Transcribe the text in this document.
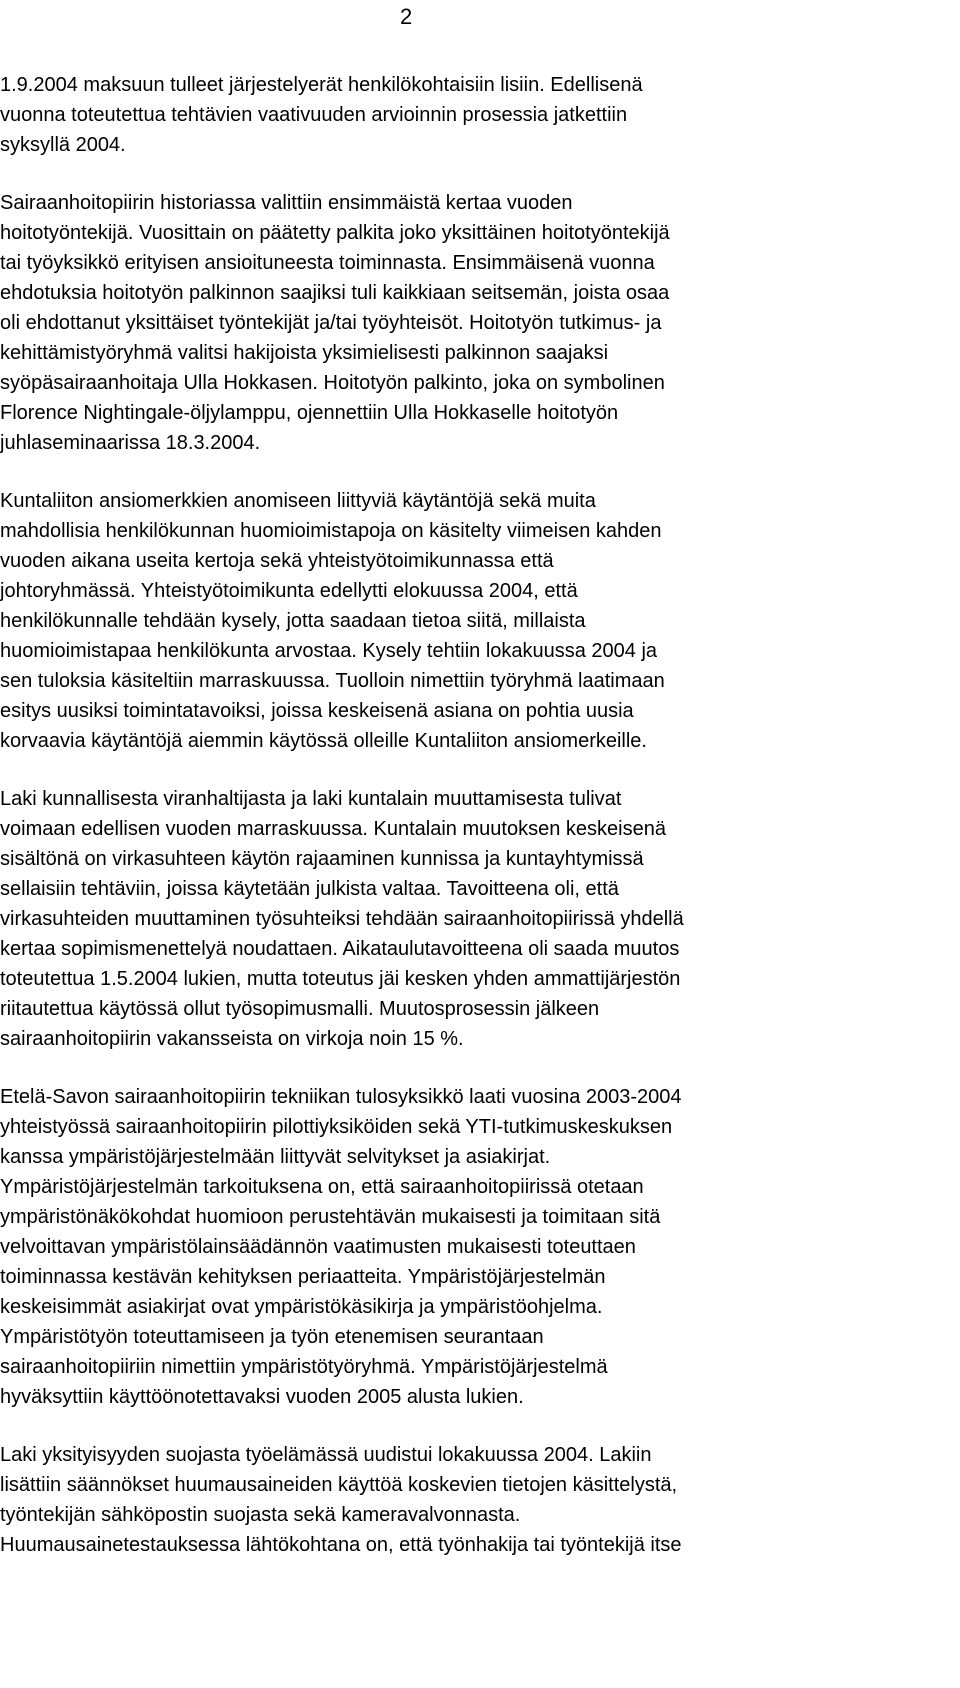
2
1.9.2004 maksuun tulleet järjestelyerät henkilökohtaisiin lisiin. Edellisenä
vuonna toteutettua tehtävien vaativuuden arvioinnin prosessia jatkettiin
syksyllä 2004.
Sairaanhoitopiirin historiassa valittiin ensimmäistä kertaa vuoden
hoitotyöntekijä. Vuosittain on päätetty palkita joko yksittäinen hoitotyöntekijä
tai työyksikkö erityisen ansioituneesta toiminnasta. Ensimmäisenä vuonna
ehdotuksia hoitotyön palkinnon saajiksi tuli kaikkiaan seitsemän, joista osaa
oli ehdottanut yksittäiset työntekijät ja/tai työyhteisöt. Hoitotyön tutkimus- ja
kehittämistyöryhmä valitsi hakijoista yksimielisesti palkinnon saajaksi
syöpäsairaanhoitaja Ulla Hokkasen. Hoitotyön palkinto, joka on symbolinen
Florence Nightingale-öljylamppu, ojennettiin Ulla Hokkaselle hoitotyön
juhlaseminaarissa 18.3.2004.
Kuntaliiton ansiomerkkien anomiseen liittyviä käytäntöjä sekä muita
mahdollisia henkilökunnan huomioimistapoja on käsitelty viimeisen kahden
vuoden aikana useita kertoja sekä yhteistyötoimikunnassa että
johtoryhmässä. Yhteistyötoimikunta edellytti elokuussa 2004, että
henkilökunnalle tehdään kysely, jotta saadaan tietoa siitä, millaista
huomioimistapaa henkilökunta arvostaa. Kysely tehtiin lokakuussa 2004 ja
sen tuloksia käsiteltiin marraskuussa. Tuolloin nimettiin työryhmä laatimaan
esitys uusiksi toimintatavoiksi, joissa keskeisenä asiana on pohtia uusia
korvaavia käytäntöjä aiemmin käytössä olleille Kuntaliiton ansiomerkeille.
Laki kunnallisesta viranhaltijasta ja laki kuntalain muuttamisesta tulivat
voimaan edellisen vuoden marraskuussa. Kuntalain muutoksen keskeisenä
sisältönä on virkasuhteen käytön rajaaminen kunnissa ja kuntayhtymissä
sellaisiin tehtäviin, joissa käytetään julkista valtaa. Tavoitteena oli, että
virkasuhteiden muuttaminen työsuhteiksi tehdään sairaanhoitopiirissä yhdellä
kertaa sopimismenettelyä noudattaen. Aikataulutavoitteena oli saada muutos
toteutettua 1.5.2004 lukien, mutta toteutus jäi kesken yhden ammattijärjestön
riitautettua käytössä ollut työsopimusmalli. Muutosprosessin jälkeen
sairaanhoitopiirin vakansseista on virkoja noin 15 %.
Etelä-Savon sairaanhoitopiirin tekniikan tulosyksikkö laati vuosina 2003-2004
yhteistyössä sairaanhoitopiirin pilottiyksiköiden sekä YTI-tutkimuskeskuksen
kanssa ympäristöjärjestelmään liittyvät selvitykset ja asiakirjat.
Ympäristöjärjestelmän tarkoituksena on, että sairaanhoitopiirissä otetaan
ympäristönäkökohdat huomioon perustehtävän mukaisesti ja toimitaan sitä
velvoittavan ympäristölainsäädännön vaatimusten mukaisesti toteuttaen
toiminnassa kestävän kehityksen periaatteita. Ympäristöjärjestelmän
keskeisimmät asiakirjat ovat ympäristökäsikirja ja ympäristöohjelma.
Ympäristötyön toteuttamiseen ja työn etenemisen seurantaan
sairaanhoitopiiriin nimettiin ympäristötyöryhmä. Ympäristöjärjestelmä
hyväksyttiin käyttöönotettavaksi vuoden 2005 alusta lukien.
Laki yksityisyyden suojasta työelämässä uudistui lokakuussa 2004. Lakiin
lisättiin säännökset huumausaineiden käyttöä koskevien tietojen käsittelystä,
työntekijän sähköpostin suojasta sekä kameravalvonnasta.
Huumausainetestauksessa lähtökohtana on, että työnhakija tai työntekijä itse
